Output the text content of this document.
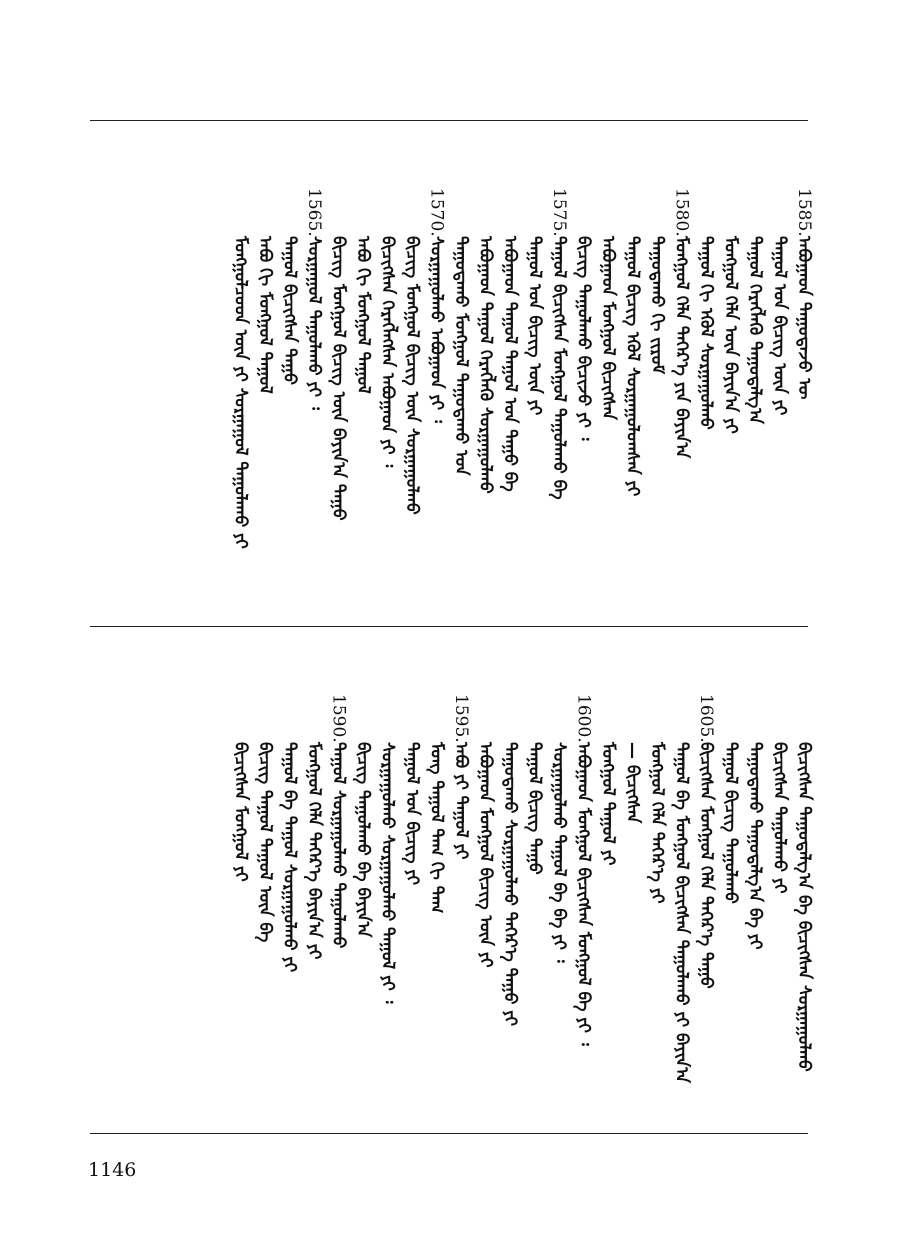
1585.
ᠠᠪᠤᠭᠠᠳ ᠳᠠᠭᠤᠳᠠᠵᠤ ᠦ
ᠳᠠᠭᠤᠯ ᠤᠨ ᠪᠢᠴᠢᠭ᠌ ᠦᠨ ᠶᠢ
ᠳᠠᠭᠤᠯ ᠬᠡᠷᠡᠭᠯᠡᠬᠦ ᠳᠠᠭᠤᠳᠠᠯᠭ᠎ᠠ
ᠮᠣᠩᠭᠣᠯ ᠬᠡᠯᠡ ᠦᠨ ᠪᠠᠶᠢᠨ᠎ᠠ ᠶᠢ
ᠳᠠᠭᠤᠯ ᠬᠢ ᠡᠭᠦᠯ ᠰᠤᠷᠭᠠᠭᠤᠯᠬᠤ
1580.
ᠮᠣᠩᠭᠣᠯ ᠬᠡᠯᠡ ᠳᠡᠭᠡᠷ᠎ᠡ ᠶᠢᠨ ᠪᠠᠶᠢᠨ᠎ᠠ
ᠳᠠᠭᠤᠳᠠᠬᠤ ᠬᠢ ᠵᠢᠷᠤᠮ
ᠳᠠᠭᠤᠯ ᠪᠢᠴᠢᠭ ᠡᠭᠦᠯ ᠰᠤᠷᠭᠠᠭᠤᠯᠤᠭᠰᠠᠨ ᠶᠢ
ᠠᠪᠤᠭᠠᠳ ᠮᠣᠩᠭᠣᠯ ᠪᠢᠴᠢᠭᠰᠡᠨ
ᠪᠢᠴᠢᠭ᠌ ᠳᠠᠭᠤᠯᠠᠬᠤ ᠪᠢᠴᠢᠵᠦ ᠶᠢ ᠄
1575.
ᠳᠠᠭᠤᠯ ᠪᠢᠴᠢᠭᠰᠡᠨ ᠮᠣᠩᠭᠣᠯ ᠳᠠᠭᠤᠯᠠᠬᠤ ᠪᠠ
ᠳᠠᠭᠤᠯ ᠤᠨ ᠪᠢᠴᠢᠭ᠌ ᠦᠨ ᠶᠢ
ᠠᠪᠤᠭᠠᠳ ᠳᠠᠭᠤᠯ ᠳᠠᠭᠤᠯ ᠤᠨ ᠳᠠᠭᠤ ᠪᠠ
ᠠᠪᠤᠭᠠᠳ ᠳᠠᠭᠤᠯ ᠬᠡᠷᠡᠭᠯᠡᠬᠦ ᠰᠤᠷᠭᠠᠭᠤᠯᠬᠤ
ᠳᠠᠭᠤᠳᠠᠬᠤ ᠮᠣᠩᠭᠣᠯ ᠳᠠᠭᠤᠳᠠᠬᠤ ᠤᠨ
1570.
ᠰᠤᠷᠭᠠᠭᠤᠯᠬᠤ ᠠᠪᠤᠭᠠᠳ ᠶᠢ ᠄
ᠪᠢᠴᠢᠭ᠌ ᠮᠣᠩᠭᠣᠯ ᠪᠢᠴᠢᠭ᠌ ᠦᠨ ᠰᠤᠷᠭᠠᠭᠤᠯᠬᠤ
ᠪᠢᠴᠢᠭᠰᠡᠨ ᠬᠡᠷᠡᠭᠯᠡᠭᠰᠡᠨ ᠠᠪᠤᠭᠠᠳ ᠶᠢ ᠄
ᠠᠪᠤ ᠬᠢ ᠮᠣᠩᠭᠣᠯ ᠳᠠᠭᠤᠯ
ᠪᠢᠴᠢᠭ᠌ ᠮᠣᠩᠭᠣᠯ ᠪᠢᠴᠢᠭ᠌ ᠦᠨ ᠪᠠᠶᠢᠨ᠎ᠠ ᠳᠠᠭᠤ
1565.
ᠰᠤᠷᠭᠠᠭᠤᠯ ᠳᠠᠭᠤᠯᠠᠬᠤ ᠶᠢ ᠄
ᠳᠠᠭᠤᠯ ᠪᠢᠴᠢᠭᠰᠡᠨ ᠳᠠᠭᠤ
ᠠᠪᠤ ᠬᠢ ᠮᠣᠩᠭᠣᠯ ᠳᠠᠭᠤᠯ
ᠮᠣᠩᠭᠣᠯᠴᠤᠳ ᠦᠨ ᠶᠢ ᠰᠤᠷᠭᠠᠭᠤᠯ ᠳᠠᠭᠤᠯᠠᠬᠤ ᠶᠢ
ᠪᠢᠴᠢᠭᠰᠡᠨ ᠳᠠᠭᠤᠳᠠᠯᠭ᠎ᠠ ᠪᠠ ᠪᠢᠴᠢᠭᠰᠡᠨ ᠰᠤᠷᠭᠠᠭᠤᠯᠬᠤ
ᠪᠢᠴᠢᠭᠰᠡᠨ ᠳᠠᠭᠤᠯᠠᠬᠤ ᠶᠢ
ᠳᠠᠭᠤᠳᠠᠬᠤ ᠳᠠᠭᠤᠳᠠᠯᠭ᠎ᠠ ᠪᠠ ᠶᠢ
ᠳᠠᠭᠤᠯ ᠪᠢᠴᠢᠭ ᠳᠠᠭᠤᠯᠠᠬᠤ
1605.
ᠪᠢᠴᠢᠭᠰᠡᠨ ᠮᠣᠩᠭᠣᠯ ᠬᠡᠯᠡ ᠳᠡᠭᠡᠷ᠎ᠡ ᠳᠠᠭᠤ
ᠳᠠᠭᠤᠯ ᠪᠠ ᠮᠣᠩᠭᠣᠯ ᠪᠢᠴᠢᠭᠰᠡᠨ ᠳᠠᠭᠤᠯᠠᠬᠤ ᠶᠢ ᠪᠠᠶᠢᠨ᠎ᠠ
ᠮᠣᠩᠭᠣᠯ ᠬᠡᠯᠡ ᠳᠡᠭᠡᠷ᠎ᠡ ᠶᠢ
— ᠪᠢᠴᠢᠭᠰᠡᠨ
ᠮᠣᠩᠭᠣᠯ ᠳᠠᠭᠤᠯ ᠶᠢ
1600.
ᠠᠪᠤᠭᠠᠳ ᠮᠣᠩᠭᠣᠯ ᠪᠢᠴᠢᠭᠰᠡᠨ ᠮᠣᠩᠭᠣᠯ ᠪᠠ ᠶᠢ ᠄
ᠰᠤᠷᠭᠠᠭᠤᠯᠬᠤ ᠳᠠᠭᠤᠯ ᠪᠠ ᠪᠠ ᠶᠢ ᠄
ᠳᠠᠭᠤᠯ ᠪᠢᠴᠢᠭ᠌ ᠳᠠᠭᠤ
ᠳᠠᠭᠤᠳᠠᠬᠤ ᠰᠤᠷᠭᠠᠭᠤᠯᠬᠤ ᠳᠡᠭᠡᠷ᠎ᠡ ᠳᠠᠭᠤ ᠶᠢ
ᠠᠪᠤᠭᠠᠳ ᠮᠣᠩᠭᠣᠯ ᠪᠢᠴᠢᠭ᠌ ᠦᠨ ᠶᠢ
1595.
ᠠᠪᠤ ᠶᠢ ᠳᠠᠭᠤᠯ ᠶᠢ
ᠮᠣᠩ ᠳᠠᠭᠤᠯ ᠳᠠᠭ ᠬᠢ ᠳᠠᠭ
ᠳᠠᠭᠤᠯ ᠤᠨ ᠪᠢᠴᠢᠭ᠌ ᠶᠢ
ᠰᠤᠷᠭᠠᠭᠤᠯᠬᠤ ᠰᠤᠷᠭᠠᠭᠤᠯᠬᠤ ᠳᠠᠭᠤᠯ ᠶᠢ ᠄
ᠪᠢᠴᠢᠭ᠌ ᠳᠠᠭᠤᠯᠠᠬᠤ ᠪᠠ ᠪᠠᠶᠢᠨ᠎ᠠ
1590.
ᠳᠠᠭᠤᠯ ᠰᠤᠷᠭᠠᠭᠤᠯᠬᠤ ᠳᠠᠭᠤᠯᠠᠬᠤ
ᠮᠣᠩᠭᠣᠯ ᠬᠡᠯᠡ ᠳᠡᠭᠡᠷ᠎ᠡ ᠪᠠᠶᠢᠨ᠎ᠠ ᠶᠢ
ᠳᠠᠭᠤᠯ ᠪᠠ ᠳᠠᠭᠤᠯ ᠰᠤᠷᠭᠠᠭᠤᠯᠬᠤ ᠶᠢ
ᠪᠢᠴᠢᠭ ᠳᠠᠭᠤᠯ ᠳᠠᠭᠤᠯ ᠦᠨ ᠪᠠ
ᠪᠢᠴᠢᠭᠰᠡᠨ ᠮᠣᠩᠭᠣᠯ ᠶᠢ
1146
